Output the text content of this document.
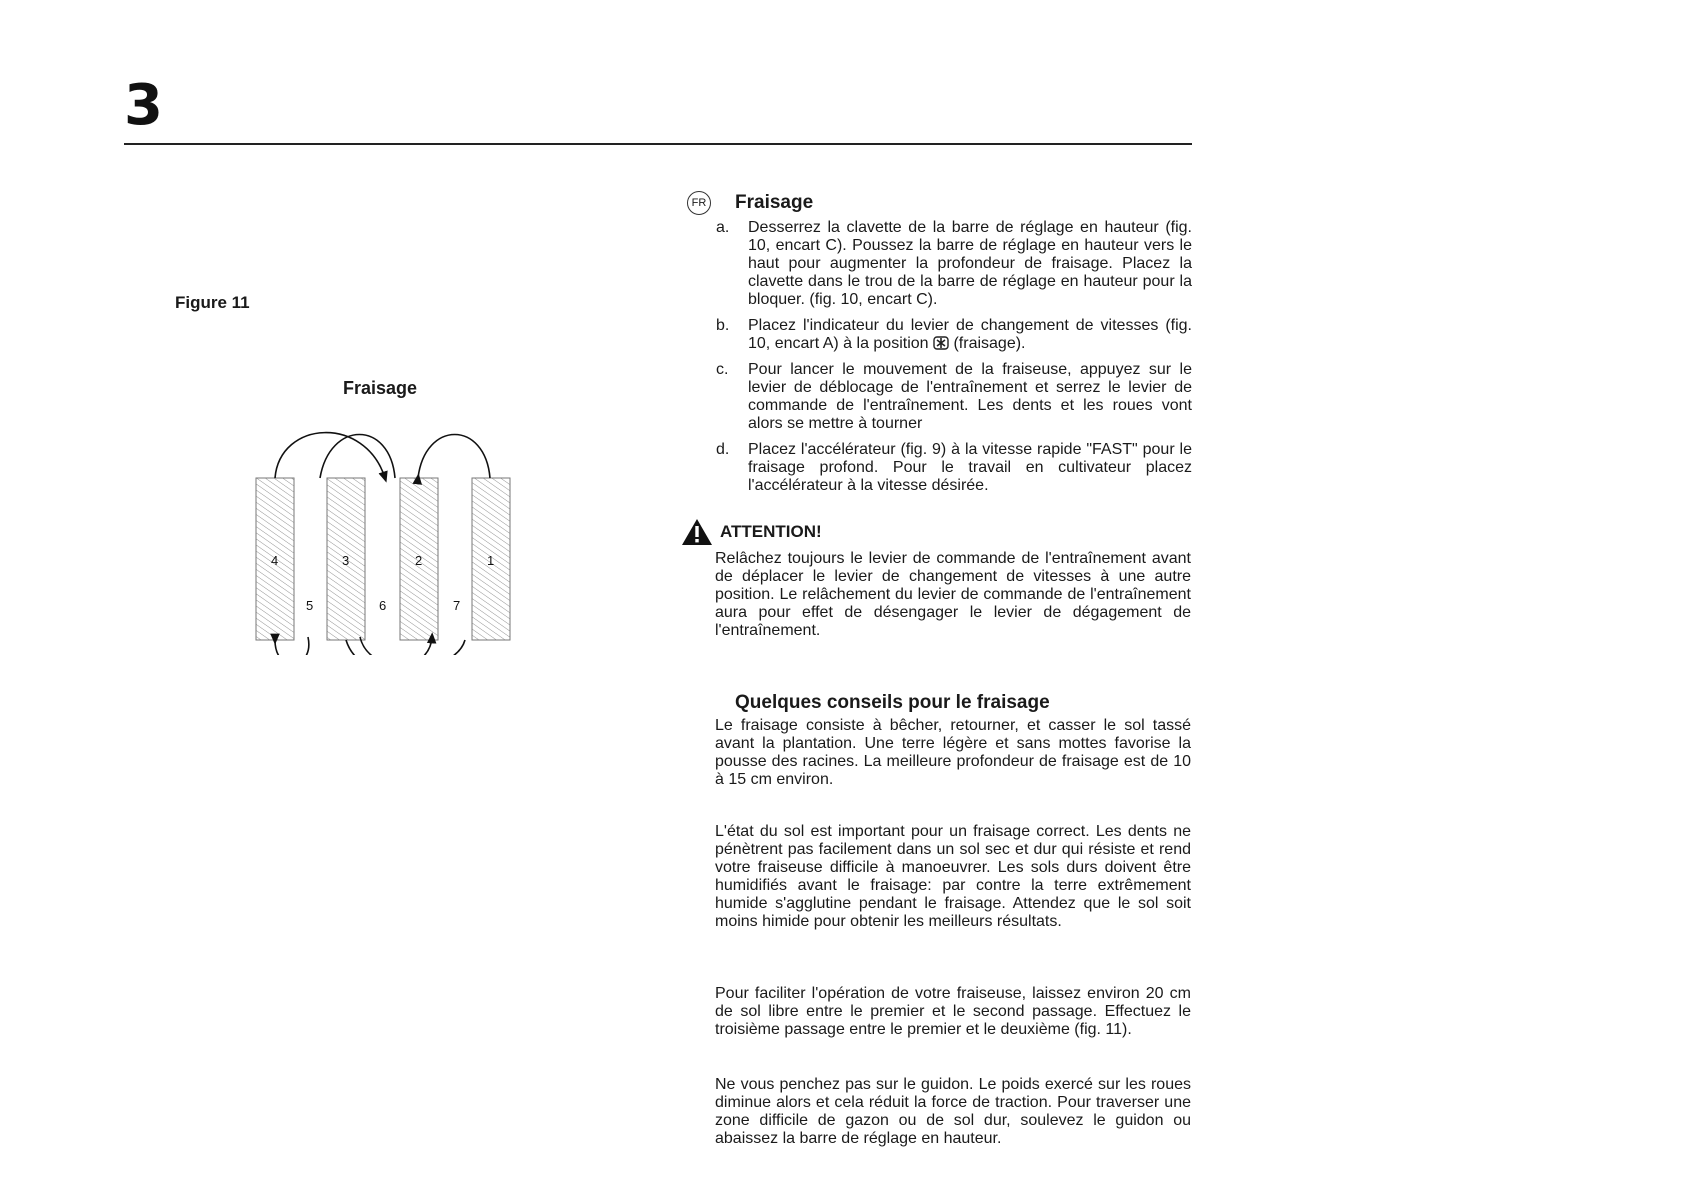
3
Figure 11
Fraisage
4	3	2	1
5	6	7
FR Fraisage
a.	Desserrez la clavette de la barre de réglage en hauteur (fig. 10, encart C). Poussez la barre de réglage en hauteur vers le haut pour augmenter la profondeur de fraisage. Placez la clavette dans le trou de la barre de réglage en hauteur pour la bloquer. (fig. 10, encart C).
b.	Placez l'indicateur du levier de changement de vitesses (fig. 10, encart A) à la position (fraisage).
c.	Pour lancer le mouvement de la fraiseuse, appuyez sur le levier de déblocage de l'entraînement et serrez le levier de commande de l'entraînement. Les dents et les roues vont alors se mettre à tourner
d.	Placez l'accélérateur (fig. 9) à la vitesse rapide "FAST" pour le fraisage profond. Pour le travail en cultivateur placez l'accélérateur à la vitesse désirée.
ATTENTION!
Relâchez toujours le levier de commande de l'entraînement avant de déplacer le levier de changement de vitesses à une autre position. Le relâchement du levier de commande de l'entraînement aura pour effet de désengager le levier de dégagement de l'entraînement.
Quelques conseils pour le fraisage
Le fraisage consiste à bêcher, retourner, et casser le sol tassé avant la plantation. Une terre légère et sans mottes favorise la pousse des racines. La meilleure profondeur de fraisage est de 10 à 15 cm environ.
L'état du sol est important pour un fraisage correct. Les dents ne pénètrent pas facilement dans un sol sec et dur qui résiste et rend votre fraiseuse difficile à manoeuvrer. Les sols durs doivent être humidifiés avant le fraisage: par contre la terre extrêmement humide s'agglutine pendant le fraisage. Attendez que le sol soit moins himide pour obtenir les meilleurs résultats.
Pour faciliter l'opération de votre fraiseuse, laissez environ 20 cm de sol libre entre le premier et le second passage. Effectuez le troisième passage entre le premier et le deuxième (fig. 11).
Ne vous penchez pas sur le guidon. Le poids exercé sur les roues diminue alors et cela réduit la force de traction. Pour traverser une zone difficile de gazon ou de sol dur, soulevez le guidon ou abaissez la barre de réglage en hauteur.
